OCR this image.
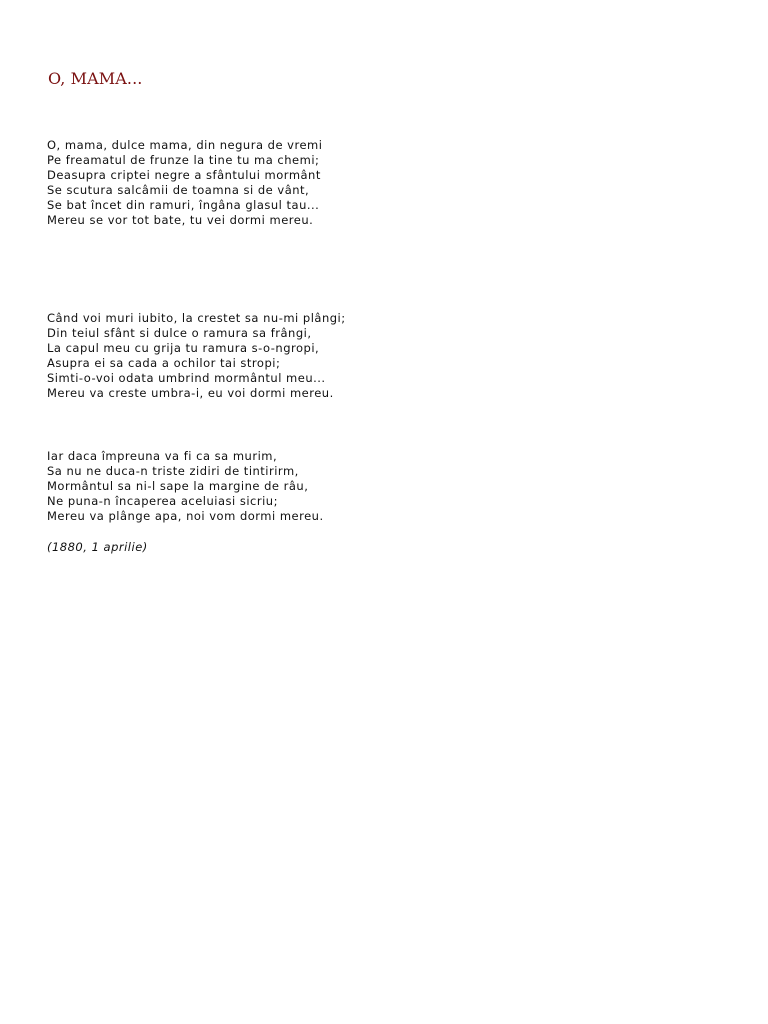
O, MAMA...
O, mama, dulce mama, din negura de vremi
Pe freamatul de frunze la tine tu ma chemi;
Deasupra criptei negre a sfântului mormânt
Se scutura salcâmii de toamna si de vânt,
Se bat încet din ramuri, îngâna glasul tau...
Mereu se vor tot bate, tu vei dormi mereu.
Când voi muri iubito, la crestet sa nu-mi plângi;
Din teiul sfânt si dulce o ramura sa frângi,
La capul meu cu grija tu ramura s-o-ngropi,
Asupra ei sa cada a ochilor tai stropi;
Simti-o-voi odata umbrind mormântul meu...
Mereu va creste umbra-i, eu voi dormi mereu.
Iar daca împreuna va fi ca sa murim,
Sa nu ne duca-n triste zidiri de tintirirm,
Mormântul sa ni-l sape la margine de râu,
Ne puna-n încaperea aceluiasi sicriu;
Mereu va plânge apa, noi vom dormi mereu.

(1880, 1 aprilie)
